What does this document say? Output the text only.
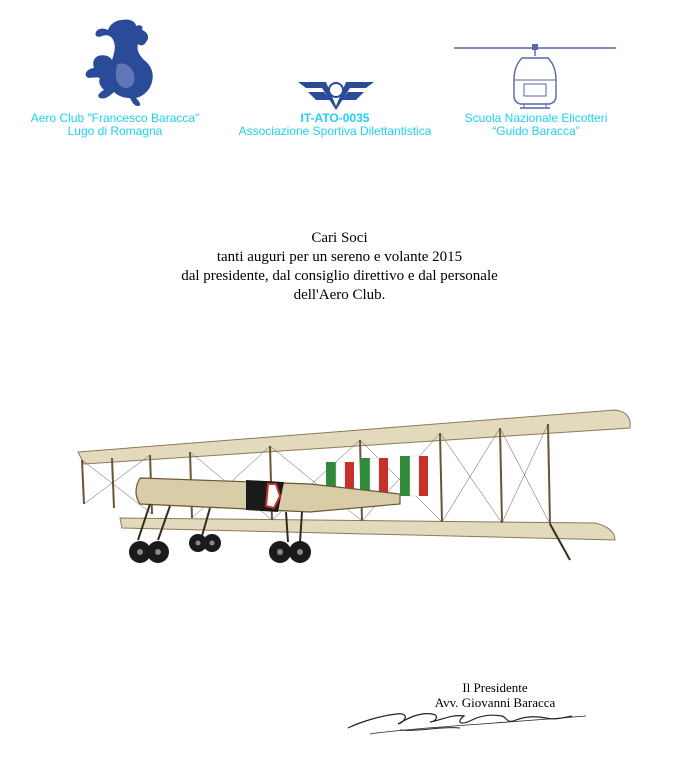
Aero Club "Francesco Baracca"
Lugo di Romagna
IT-ATO-0035
Associazione Sportiva Dilettantistica
Scuola Nazionale Elicotteri
“Guido Baracca”
Cari Soci
tanti auguri per un sereno e volante 2015
dal presidente, dal consiglio direttivo e dal personale
dell'Aero Club.
Il Presidente
Avv. Giovanni Baracca
